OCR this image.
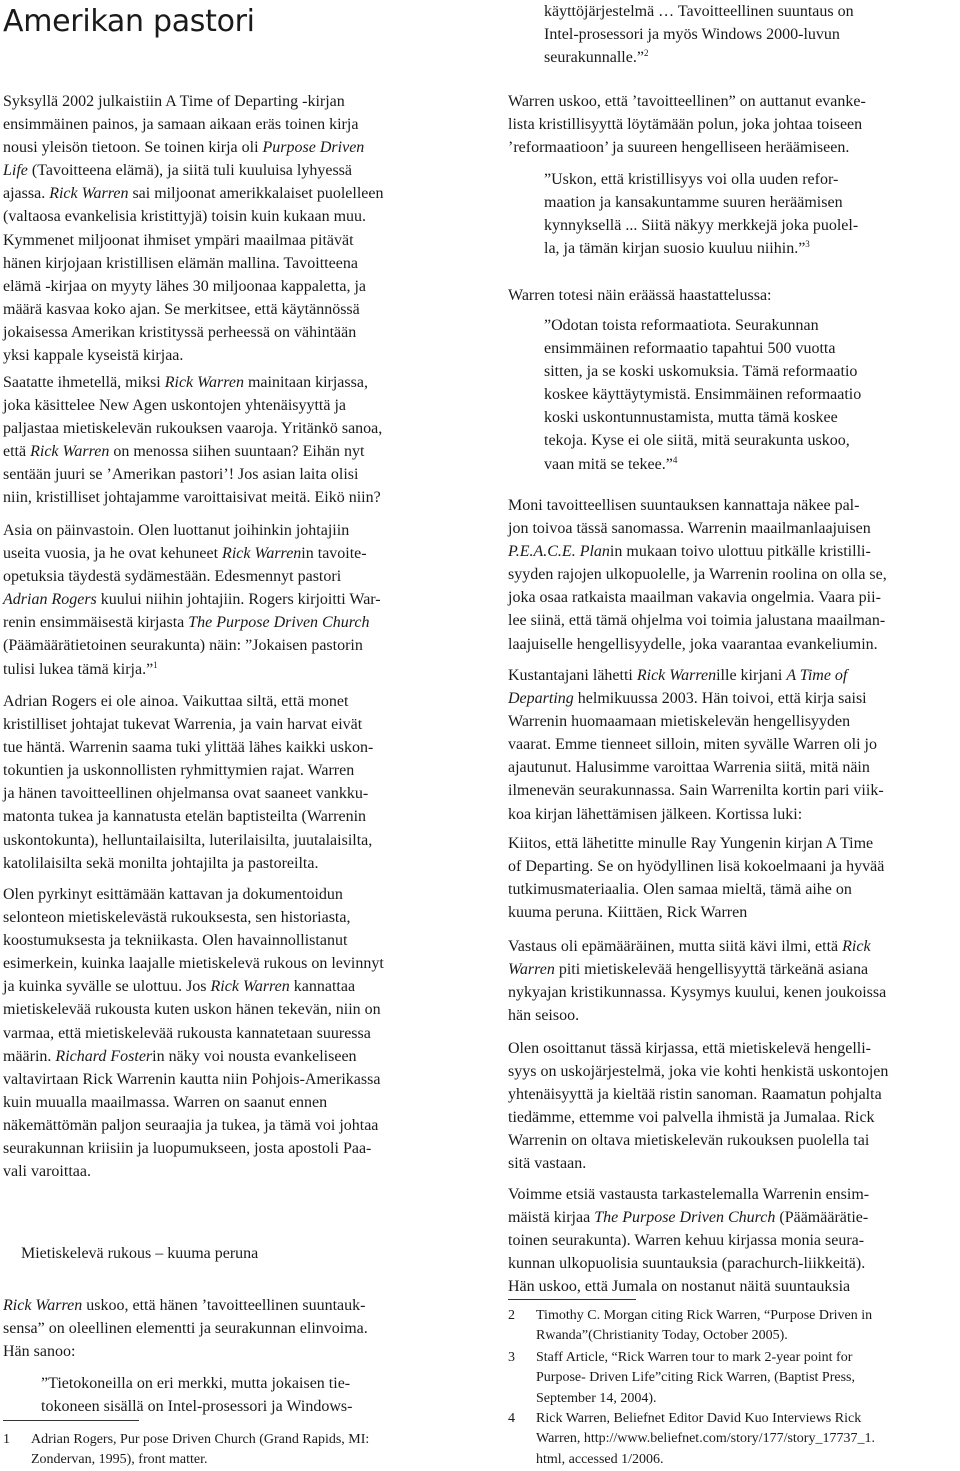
Amerikan pastori

Syksyllä 2002 julkaistiin A Time of Departing -kirjan
ensimmäinen painos, ja samaan aikaan eräs toinen kirja
nousi yleisön tietoon. Se toinen kirja oli Purpose Driven
Life (Tavoitteena elämä), ja siitä tuli kuuluisa lyhyessä
ajassa. Rick Warren sai miljoonat amerikkalaiset puolelleen
(valtaosa evankelisia kristittyjä) toisin kuin kukaan muu.
Kymmenet miljoonat ihmiset ympäri maailmaa pitävät
hänen kirjojaan kristillisen elämän mallina. Tavoitteena
elämä -kirjaa on myyty lähes 30 miljoonaa kappaletta, ja
määrä kasvaa koko ajan. Se merkitsee, että käytännössä
jokaisessa Amerikan kristityssä perheessä on vähintään
yksi kappale kyseistä kirjaa.

Saatatte ihmetellä, miksi Rick Warren mainitaan kirjassa,
joka käsittelee New Agen uskontojen yhtenäisyyttä ja
paljastaa mietiskelevän rukouksen vaaroja. Yritänkö sanoa,
että Rick Warren on menossa siihen suuntaan? Eihän nyt
sentään juuri se ’Amerikan pastori’! Jos asian laita olisi
niin, kristilliset johtajamme varoittaisivat meitä. Eikö niin?

Asia on päinvastoin. Olen luottanut joihinkin johtajiin
useita vuosia, ja he ovat kehuneet Rick Warrenin tavoite-
opetuksia täydestä sydämestään. Edesmennyt pastori
Adrian Rogers kuului niihin johtajiin. Rogers kirjoitti War-
renin ensimmäisestä kirjasta The Purpose Driven Church
(Päämäärätietoinen seurakunta) näin: ”Jokaisen pastorin
tulisi lukea tämä kirja.”$^1$

Adrian Rogers ei ole ainoa. Vaikuttaa siltä, että monet
kristilliset johtajat tukevat Warrenia, ja vain harvat eivät
tue häntä. Warrenin saama tuki ylittää lähes kaikki uskon-
tokuntien ja uskonnollisten ryhmittymien rajat. Warren
ja hänen tavoitteellinen ohjelmansa ovat saaneet vankku-
matonta tukea ja kannatusta etelän baptisteilta (Warrenin
uskontokunta), helluntailaisilta, luterilaisilta, juutalaisilta,
katolilaisilta sekä monilta johtajilta ja pastoreilta.

Olen pyrkinyt esittämään kattavan ja dokumentoidun
selonteon mietiskelevästä rukouksesta, sen historiasta,
koostumuksesta ja tekniikasta. Olen havainnollistanut
esimerkein, kuinka laajalle mietiskelevä rukous on levinnyt
ja kuinka syvälle se ulottuu. Jos Rick Warren kannattaa
mietiskelevää rukousta kuten uskon hänen tekevän, niin on
varmaa, että mietiskelevää rukousta kannatetaan suuressa
määrin. Richard Fosterin näky voi nousta evankeliseen
valtavirtaan Rick Warrenin kautta niin Pohjois-Amerikassa
kuin muualla maailmassa. Warren on saanut ennen
näkemättömän paljon seuraajia ja tukea, ja tämä voi johtaa
seurakunnan kriisiin ja luopumukseen, josta apostoli Paa-
vali varoittaa.

Mietiskelevä rukous – kuuma peruna

Rick Warren uskoo, että hänen ’tavoitteellinen suuntauk-
sensa” on oleellinen elementti ja seurakunnan elinvoima.
Hän sanoo:

”Tietokoneilla on eri merkki, mutta jokaisen tie-
tokoneen sisällä on Intel-prosessori ja Windows-

1 Adrian Rogers, Pur pose Driven Church (Grand Rapids, MI:
Zondervan, 1995), front matter.

käyttöjärjestelmä … Tavoitteellinen suuntaus on
Intel-prosessori ja myös Windows 2000-luvun
seurakunnalle.”$^2$

Warren uskoo, että ’tavoitteellinen” on auttanut evanke-
lista kristillisyyttä löytämään polun, joka johtaa toiseen
’reformaatioon’ ja suureen hengelliseen heräämiseen.

”Uskon, että kristillisyys voi olla uuden refor-
maation ja kansakuntamme suuren heräämisen
kynnyksellä ... Siitä näkyy merkkejä joka puolel-
la, ja tämän kirjan suosio kuuluu niihin.”$^3$

Warren totesi näin eräässä haastattelussa:

”Odotan toista reformaatiota. Seurakunnan
ensimmäinen reformaatio tapahtui 500 vuotta
sitten, ja se koski uskomuksia. Tämä reformaatio
koskee käyttäytymistä. Ensimmäinen reformaatio
koski uskontunnustamista, mutta tämä koskee
tekoja. Kyse ei ole siitä, mitä seurakunta uskoo,
vaan mitä se tekee.”$^4$

Moni tavoitteellisen suuntauksen kannattaja näkee pal-
jon toivoa tässä sanomassa. Warrenin maailmanlaajuisen
P.E.A.C.E. Planin mukaan toivo ulottuu pitkälle kristilli-
syyden rajojen ulkopuolelle, ja Warrenin roolina on olla se,
joka osaa ratkaista maailman vakavia ongelmia. Vaara pii-
lee siinä, että tämä ohjelma voi toimia jalustana maailman-
laajuiselle hengellisyydelle, joka vaarantaa evankeliumin.

Kustantajani lähetti Rick Warrenille kirjani A Time of
Departing helmikuussa 2003. Hän toivoi, että kirja saisi
Warrenin huomaamaan mietiskelevän hengellisyyden
vaarat. Emme tienneet silloin, miten syvälle Warren oli jo
ajautunut. Halusimme varoittaa Warrenia siitä, mitä näin
ilmenevän seurakunnassa. Sain Warrenilta kortin pari viik-
koa kirjan lähettämisen jälkeen. Kortissa luki:

Kiitos, että lähetitte minulle Ray Yungenin kirjan A Time
of Departing. Se on hyödyllinen lisä kokoelmaani ja hyvää
tutkimusmateriaalia. Olen samaa mieltä, tämä aihe on
kuuma peruna. Kiittäen, Rick Warren

Vastaus oli epämääräinen, mutta siitä kävi ilmi, että Rick
Warren piti mietiskelevää hengellisyyttä tärkeänä asiana
nykyajan kristikunnassa. Kysymys kuului, kenen joukoissa
hän seisoo.

Olen osoittanut tässä kirjassa, että mietiskelevä hengelli-
syys on uskojärjestelmä, joka vie kohti henkistä uskontojen
yhtenäisyyttä ja kieltää ristin sanoman. Raamatun pohjalta
tiedämme, ettemme voi palvella ihmistä ja Jumalaa. Rick
Warrenin on oltava mietiskelevän rukouksen puolella tai
sitä vastaan.

Voimme etsiä vastausta tarkastelemalla Warrenin ensim-
mäistä kirjaa The Purpose Driven Church (Päämäärätie-
toinen seurakunta). Warren kehuu kirjassa monia seura-
kunnan ulkopuolisia suuntauksia (parachurch-liikkeitä).
Hän uskoo, että Jumala on nostanut näitä suuntauksia

2 Timothy C. Morgan citing Rick Warren, “Purpose Driven in
Rwanda”(Christianity Today, October 2005).
3 Staff Article, “Rick Warren tour to mark 2-year point for
Purpose- Driven Life”citing Rick Warren, (Baptist Press,
September 14, 2004).
4 Rick Warren, Beliefnet Editor David Kuo Interviews Rick
Warren, http://www.beliefnet.com/story/177/story_17737_1.
html, accessed 1/2006.
